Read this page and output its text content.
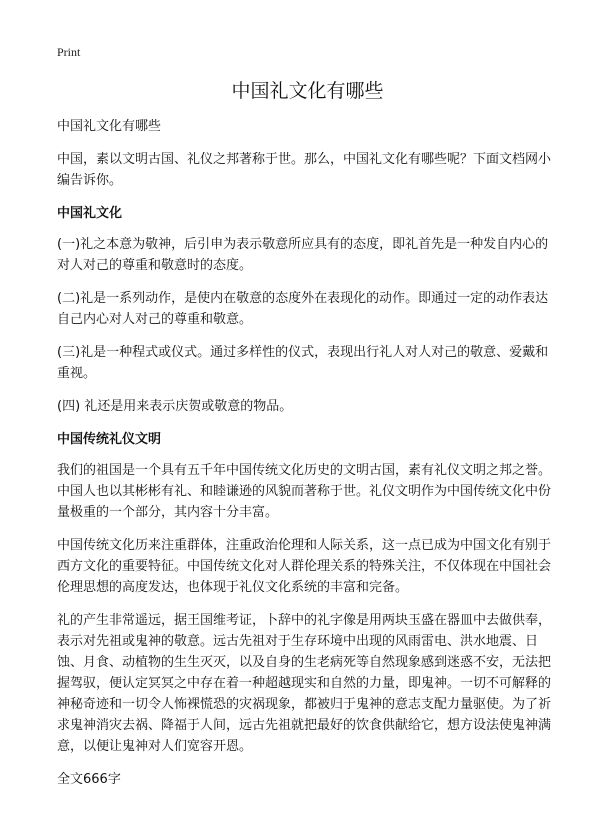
Print
中国礼文化有哪些

中国礼文化有哪些

中国，素以文明古国、礼仪之邦著称于世。那么，中国礼文化有哪些呢？下面文档网小编告诉你。

中国礼文化

(一)礼之本意为敬神，后引申为表示敬意所应具有的态度，即礼首先是一种发自内心的对人对己的尊重和敬意时的态度。

(二)礼是一系列动作，是使内在敬意的态度外在表现化的动作。即通过一定的动作表达自己内心对人对己的尊重和敬意。

(三)礼是一种程式或仪式。通过多样性的仪式，表现出行礼人对人对己的敬意、爱戴和重视。

(四) 礼还是用来表示庆贺或敬意的物品。

中国传统礼仪文明

我们的祖国是一个具有五千年中国传统文化历史的文明古国，素有礼仪文明之邦之誉。中国人也以其彬彬有礼、和睦谦逊的风貌而著称于世。礼仪文明作为中国传统文化中份量极重的一个部分，其内容十分丰富。

中国传统文化历来注重群体，注重政治伦理和人际关系，这一点已成为中国文化有别于西方文化的重要特征。中国传统文化对人群伦理关系的特殊关注，不仅体现在中国社会伦理思想的高度发达，也体现于礼仪文化系统的丰富和完备。

礼的产生非常遥远，据王国维考证，卜辞中的礼字像是用两块玉盛在器皿中去做供奉，表示对先祖或鬼神的敬意。远古先祖对于生存环境中出现的风雨雷电、洪水地震、日蚀、月食、动植物的生生灭灭，以及自身的生老病死等自然现象感到迷惑不安，无法把握驾驭，便认定冥冥之中存在着一种超越现实和自然的力量，即鬼神。一切不可解释的神秘奇迹和一切令人怖裸慌恐的灾祸现象，都被归于鬼神的意志支配力量驱使。为了祈求鬼神消灾去祸、降福于人间，远古先祖就把最好的饮食供献给它，想方设法使鬼神满意，以便让鬼神对人们宽容开恩。

全文666字
